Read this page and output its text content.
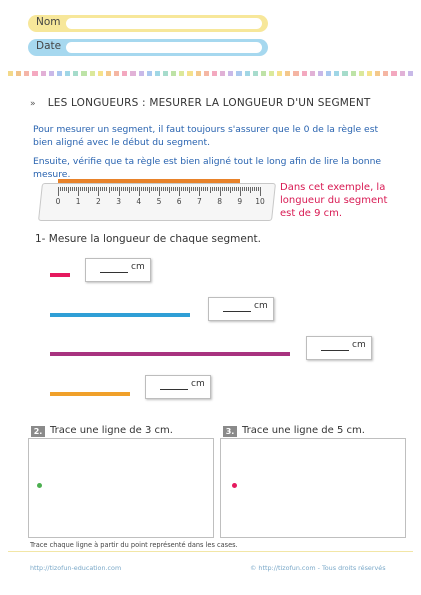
Nom
Date
» LES LONGUEURS : MESURER LA LONGUEUR D'UN SEGMENT
Pour mesurer un segment, il faut toujours s'assurer que le 0 de la règle est bien aligné avec le début du segment.
Ensuite, vérifie que ta règle est bien aligné tout le long afin de lire la bonne mesure.
0 1 2 3 4 5 6 7 8 9 10
Dans cet exemple, la longueur du segment est de 9 cm.
1- Mesure la longueur de chaque segment.
cm
cm
cm
cm
2. Trace une ligne de 3 cm.	3. Trace une ligne de 5 cm.
Trace chaque ligne à partir du point représenté dans les cases.
http://tizofun-education.com	© http://tizofun.com - Tous droits réservés
